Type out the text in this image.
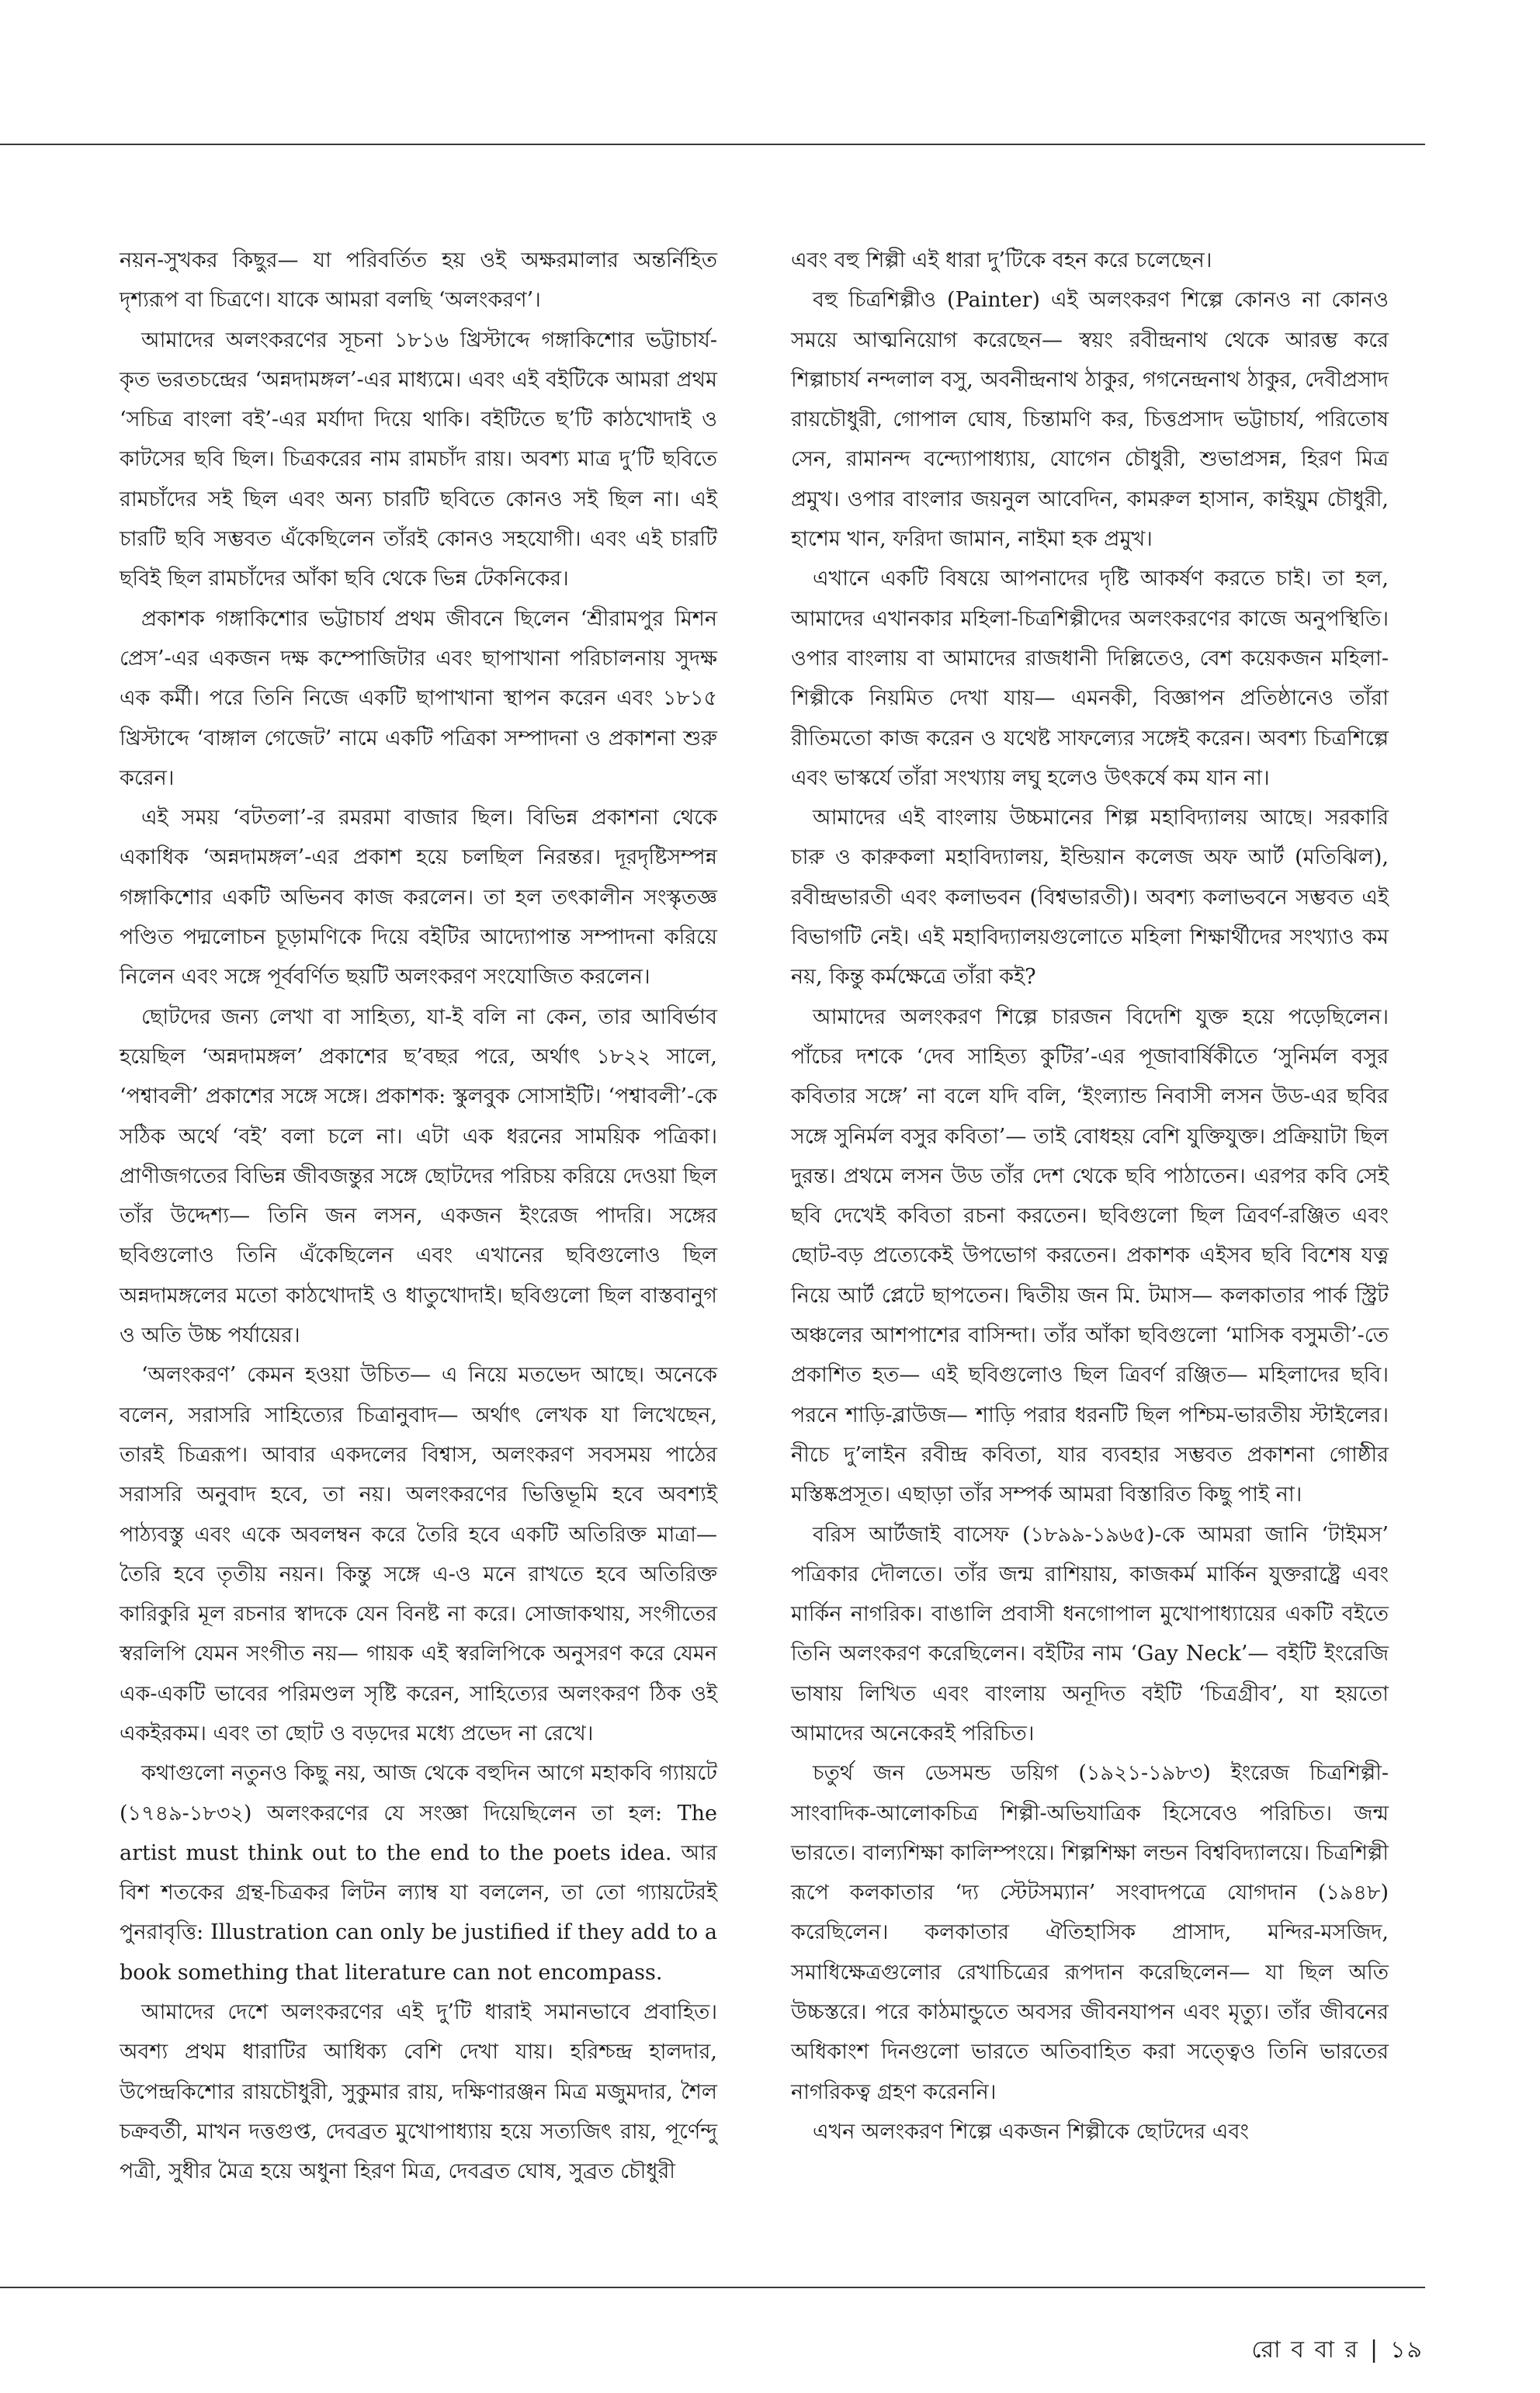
নয়ন-সুখকর কিছুর— যা পরিবর্তিত হয় ওই অক্ষরমালার অন্তর্নিহিত দৃশ্যরূপ বা চিত্রণে। যাকে আমরা বলছি ‘অলংকরণ’।

আমাদের অলংকরণের সূচনা ১৮১৬ খ্রিস্টাব্দে গঙ্গাকিশোর ভট্টাচার্য-কৃত ভরতচন্দ্রের ‘অন্নদামঙ্গল’-এর মাধ্যমে। এবং এই বইটিকে আমরা প্রথম ‘সচিত্র বাংলা বই’-এর মর্যাদা দিয়ে থাকি। বইটিতে ছ’টি কাঠখোদাই ও কাটসের ছবি ছিল। চিত্রকরের নাম রামচাঁদ রায়। অবশ্য মাত্র দু’টি ছবিতে রামচাঁদের সই ছিল এবং অন্য চারটি ছবিতে কোনও সই ছিল না। এই চারটি ছবি সম্ভবত এঁকেছিলেন তাঁরই কোনও সহযোগী। এবং এই চারটি ছবিই ছিল রামচাঁদের আঁকা ছবি থেকে ভিন্ন টেকনিকের।

প্রকাশক গঙ্গাকিশোর ভট্টাচার্য প্রথম জীবনে ছিলেন ‘শ্রীরামপুর মিশন প্রেস’-এর একজন দক্ষ কম্পোজিটার এবং ছাপাখানা পরিচালনায় সুদক্ষ এক কর্মী। পরে তিনি নিজে একটি ছাপাখানা স্থাপন করেন এবং ১৮১৫ খ্রিস্টাব্দে ‘বাঙ্গাল গেজেট’ নামে একটি পত্রিকা সম্পাদনা ও প্রকাশনা শুরু করেন।

এই সময় ‘বটতলা’-র রমরমা বাজার ছিল। বিভিন্ন প্রকাশনা থেকে একাধিক ‘অন্নদামঙ্গল’-এর প্রকাশ হয়ে চলছিল নিরন্তর। দূরদৃষ্টিসম্পন্ন গঙ্গাকিশোর একটি অভিনব কাজ করলেন। তা হল তৎকালীন সংস্কৃতজ্ঞ পণ্ডিত পদ্মলোচন চূড়ামণিকে দিয়ে বইটির আদ্যোপান্ত সম্পাদনা করিয়ে নিলেন এবং সঙ্গে পূর্ববর্ণিত ছয়টি অলংকরণ সংযোজিত করলেন।

ছোটদের জন্য লেখা বা সাহিত্য, যা-ই বলি না কেন, তার আবির্ভাব হয়েছিল ‘অন্নদামঙ্গল’ প্রকাশের ছ’বছর পরে, অর্থাৎ ১৮২২ সালে, ‘পশ্বাবলী’ প্রকাশের সঙ্গে সঙ্গে। প্রকাশক: স্কুলবুক সোসাইটি। ‘পশ্বাবলী’-কে সঠিক অর্থে ‘বই’ বলা চলে না। এটা এক ধরনের সাময়িক পত্রিকা। প্রাণীজগতের বিভিন্ন জীবজন্তুর সঙ্গে ছোটদের পরিচয় করিয়ে দেওয়া ছিল তাঁর উদ্দেশ্য— তিনি জন লসন, একজন ইংরেজ পাদরি। সঙ্গের ছবিগুলোও তিনি এঁকেছিলেন এবং এখানের ছবিগুলোও ছিল অন্নদামঙ্গলের মতো কাঠখোদাই ও ধাতুখোদাই। ছবিগুলো ছিল বাস্তবানুগ ও অতি উচ্চ পর্যায়ের।

‘অলংকরণ’ কেমন হওয়া উচিত— এ নিয়ে মতভেদ আছে। অনেকে বলেন, সরাসরি সাহিত্যের চিত্রানুবাদ— অর্থাৎ লেখক যা লিখেছেন, তারই চিত্ররূপ। আবার একদলের বিশ্বাস, অলংকরণ সবসময় পাঠের সরাসরি অনুবাদ হবে, তা নয়। অলংকরণের ভিত্তিভূমি হবে অবশ্যই পাঠ্যবস্তু এবং একে অবলম্বন করে তৈরি হবে একটি অতিরিক্ত মাত্রা— তৈরি হবে তৃতীয় নয়ন। কিন্তু সঙ্গে এ-ও মনে রাখতে হবে অতিরিক্ত কারিকুরি মূল রচনার স্বাদকে যেন বিনষ্ট না করে। সোজাকথায়, সংগীতের স্বরলিপি যেমন সংগীত নয়— গায়ক এই স্বরলিপিকে অনুসরণ করে যেমন এক-একটি ভাবের পরিমণ্ডল সৃষ্টি করেন, সাহিত্যের অলংকরণ ঠিক ওই একইরকম। এবং তা ছোট ও বড়দের মধ্যে প্রভেদ না রেখে।

কথাগুলো নতুনও কিছু নয়, আজ থেকে বহুদিন আগে মহাকবি গ্যায়টে (১৭৪৯-১৮৩২) অলংকরণের যে সংজ্ঞা দিয়েছিলেন তা হল: The artist must think out to the end to the poets idea. আর বিশ শতকের গ্রন্থ-চিত্রকর লিটন ল্যাম্ব যা বললেন, তা তো গ্যায়টেরই পুনরাবৃত্তি: Illustration can only be justified if they add to a book something that literature can not encompass.

আমাদের দেশে অলংকরণের এই দু’টি ধারাই সমানভাবে প্রবাহিত। অবশ্য প্রথম ধারাটির আধিক্য বেশি দেখা যায়। হরিশ্চন্দ্র হালদার, উপেন্দ্রকিশোর রায়চৌধুরী, সুকুমার রায়, দক্ষিণারঞ্জন মিত্র মজুমদার, শৈল চক্রবর্তী, মাখন দত্তগুপ্ত, দেবব্রত মুখোপাধ্যায় হয়ে সত্যজিৎ রায়, পূর্ণেন্দু পত্রী, সুধীর মৈত্র হয়ে অধুনা হিরণ মিত্র, দেবব্রত ঘোষ, সুব্রত চৌধুরী

এবং বহু শিল্পী এই ধারা দু’টিকে বহন করে চলেছেন।

বহু চিত্রশিল্পীও (Painter) এই অলংকরণ শিল্পে কোনও না কোনও সময়ে আত্মনিয়োগ করেছেন— স্বয়ং রবীন্দ্রনাথ থেকে আরম্ভ করে শিল্পাচার্য নন্দলাল বসু, অবনীন্দ্রনাথ ঠাকুর, গগনেন্দ্রনাথ ঠাকুর, দেবীপ্রসাদ রায়চৌধুরী, গোপাল ঘোষ, চিন্তামণি কর, চিত্তপ্রসাদ ভট্টাচার্য, পরিতোষ সেন, রামানন্দ বন্দ্যোপাধ্যায়, যোগেন চৌধুরী, শুভাপ্রসন্ন, হিরণ মিত্র প্রমুখ। ওপার বাংলার জয়নুল আবেদিন, কামরুল হাসান, কাইয়ুম চৌধুরী, হাশেম খান, ফরিদা জামান, নাইমা হক প্রমুখ।

এখানে একটি বিষয়ে আপনাদের দৃষ্টি আকর্ষণ করতে চাই। তা হল, আমাদের এখানকার মহিলা-চিত্রশিল্পীদের অলংকরণের কাজে অনুপস্থিতি। ওপার বাংলায় বা আমাদের রাজধানী দিল্লিতেও, বেশ কয়েকজন মহিলা-শিল্পীকে নিয়মিত দেখা যায়— এমনকী, বিজ্ঞাপন প্রতিষ্ঠানেও তাঁরা রীতিমতো কাজ করেন ও যথেষ্ট সাফল্যের সঙ্গেই করেন। অবশ্য চিত্রশিল্পে এবং ভাস্কর্যে তাঁরা সংখ্যায় লঘু হলেও উৎকর্ষে কম যান না।

আমাদের এই বাংলায় উচ্চমানের শিল্প মহাবিদ্যালয় আছে। সরকারি চারু ও কারুকলা মহাবিদ্যালয়, ইন্ডিয়ান কলেজ অফ আর্ট (মতিঝিল), রবীন্দ্রভারতী এবং কলাভবন (বিশ্বভারতী)। অবশ্য কলাভবনে সম্ভবত এই বিভাগটি নেই। এই মহাবিদ্যালয়গুলোতে মহিলা শিক্ষার্থীদের সংখ্যাও কম নয়, কিন্তু কর্মক্ষেত্রে তাঁরা কই?

আমাদের অলংকরণ শিল্পে চারজন বিদেশি যুক্ত হয়ে পড়েছিলেন। পাঁচের দশকে ‘দেব সাহিত্য কুটির’-এর পূজাবার্ষিকীতে ‘সুনির্মল বসুর কবিতার সঙ্গে’ না বলে যদি বলি, ‘ইংল্যান্ড নিবাসী লসন উড-এর ছবির সঙ্গে সুনির্মল বসুর কবিতা’— তাই বোধহয় বেশি যুক্তিযুক্ত। প্রক্রিয়াটা ছিল দুরন্ত। প্রথমে লসন উড তাঁর দেশ থেকে ছবি পাঠাতেন। এরপর কবি সেই ছবি দেখেই কবিতা রচনা করতেন। ছবিগুলো ছিল ত্রিবর্ণ-রঞ্জিত এবং ছোট-বড় প্রত্যেকেই উপভোগ করতেন। প্রকাশক এইসব ছবি বিশেষ যত্ন নিয়ে আর্ট প্লেটে ছাপতেন। দ্বিতীয় জন মি. টমাস— কলকাতার পার্ক স্ট্রিট অঞ্চলের আশপাশের বাসিন্দা। তাঁর আঁকা ছবিগুলো ‘মাসিক বসুমতী’-তে প্রকাশিত হত— এই ছবিগুলোও ছিল ত্রিবর্ণ রঞ্জিত— মহিলাদের ছবি। পরনে শাড়ি-ব্লাউজ— শাড়ি পরার ধরনটি ছিল পশ্চিম-ভারতীয় স্টাইলের। নীচে দু’লাইন রবীন্দ্র কবিতা, যার ব্যবহার সম্ভবত প্রকাশনা গোষ্ঠীর মস্তিষ্কপ্রসূত। এছাড়া তাঁর সম্পর্ক আমরা বিস্তারিত কিছু পাই না।

বরিস আর্টজাই বাসেফ (১৮৯৯-১৯৬৫)-কে আমরা জানি ‘টাইমস’ পত্রিকার দৌলতে। তাঁর জন্ম রাশিয়ায়, কাজকর্ম মার্কিন যুক্তরাষ্ট্রে এবং মার্কিন নাগরিক। বাঙালি প্রবাসী ধনগোপাল মুখোপাধ্যায়ের একটি বইতে তিনি অলংকরণ করেছিলেন। বইটির নাম ‘Gay Neck’— বইটি ইংরেজি ভাষায় লিখিত এবং বাংলায় অনূদিত বইটি ‘চিত্রগ্রীব’, যা হয়তো আমাদের অনেকেরই পরিচিত।

চতুর্থ জন ডেসমন্ড ডয়িগ (১৯২১-১৯৮৩) ইংরেজ চিত্রশিল্পী-সাংবাদিক-আলোকচিত্র শিল্পী-অভিযাত্রিক হিসেবেও পরিচিত। জন্ম ভারতে। বাল্যশিক্ষা কালিম্পংয়ে। শিল্পশিক্ষা লন্ডন বিশ্ববিদ্যালয়ে। চিত্রশিল্পী রূপে কলকাতার ‘দ্য স্টেটসম্যান’ সংবাদপত্রে যোগদান (১৯৪৮) করেছিলেন। কলকাতার ঐতিহাসিক প্রাসাদ, মন্দির-মসজিদ, সমাধিক্ষেত্রগুলোর রেখাচিত্রের রূপদান করেছিলেন— যা ছিল অতি উচ্চস্তরে। পরে কাঠমান্ডুতে অবসর জীবনযাপন এবং মৃত্যু। তাঁর জীবনের অধিকাংশ দিনগুলো ভারতে অতিবাহিত করা সত্ত্বেও তিনি ভারতের নাগরিকত্ব গ্রহণ করেননি।

এখন অলংকরণ শিল্পে একজন শিল্পীকে ছোটদের এবং

রো ব বা র | ১৯
